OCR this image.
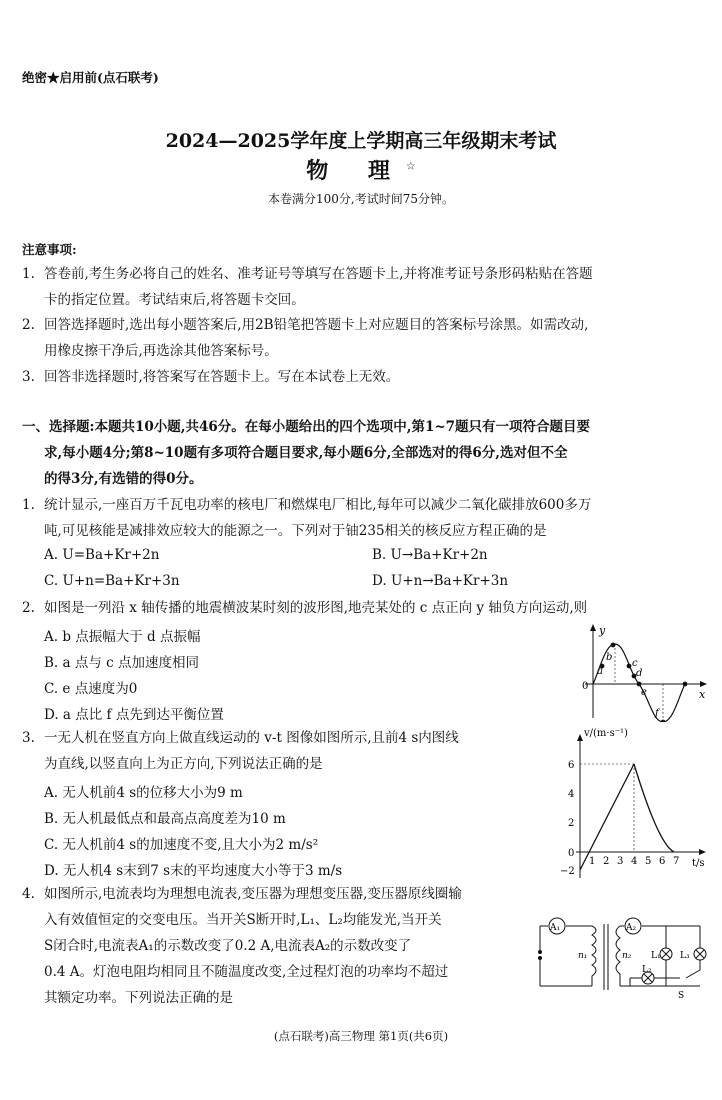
绝密★启用前(点石联考)
2024—2025学年度上学期高三年级期末考试
物 理☆
本卷满分100分,考试时间75分钟。
注意事项:
1. 答卷前,考生务必将自己的姓名、准考证号等填写在答题卡上,并将准考证号条形码粘贴在答题
卡的指定位置。考试结束后,将答题卡交回。
2. 回答选择题时,选出每小题答案后,用2B铅笔把答题卡上对应题目的答案标号涂黑。如需改动,
用橡皮擦干净后,再选涂其他答案标号。
3. 回答非选择题时,将答案写在答题卡上。写在本试卷上无效。
一、选择题:本题共10小题,共46分。在每小题给出的四个选项中,第1~7题只有一项符合题目要
求,每小题4分;第8~10题有多项符合题目要求,每小题6分,全部选对的得6分,选对但不全
的得3分,有选错的得0分。
1. 统计显示,一座百万千瓦电功率的核电厂和燃煤电厂相比,每年可以减少二氧化碳排放600多万
吨,可见核能是减排效应较大的能源之一。下列对于铀235相关的核反应方程正确的是
A. U=Ba+Kr+2n	B. U→Ba+Kr+2n
C. U+n=Ba+Kr+3n	D. U+n→Ba+Kr+3n
2. 如图是一列沿 x 轴传播的地震横波某时刻的波形图,地壳某处的 c 点正向 y 轴负方向运动,则
A. b 点振幅大于 d 点振幅
B. a 点与 c 点加速度相同
C. e 点速度为0
D. a 点比 f 点先到达平衡位置
y
x
0
a
b
c
d
e
f
3. 一无人机在竖直方向上做直线运动的 v-t 图像如图所示,且前4 s内图线
为直线,以竖直向上为正方向,下列说法正确的是
A. 无人机前4 s的位移大小为9 m
B. 无人机最低点和最高点高度差为10 m
C. 无人机前4 s的加速度不变,且大小为2 m/s²
D. 无人机4 s末到7 s末的平均速度大小等于3 m/s
v/(m·s⁻¹)
t/s
6
4
2
0
−2
1 2 3 4 5 6 7
4. 如图所示,电流表均为理想电流表,变压器为理想变压器,变压器原线圈输
入有效值恒定的交变电压。当开关S断开时,L₁、L₂均能发光,当开关
S闭合时,电流表A₁的示数改变了0.2 A,电流表A₂的示数改变了
0.4 A。灯泡电阻均相同且不随温度改变,全过程灯泡的功率均不超过
其额定功率。下列说法正确的是
A₁	A₂
n₁	n₂ L₁
L₂
L₃
S
(点石联考)高三物理 第1页(共6页)
